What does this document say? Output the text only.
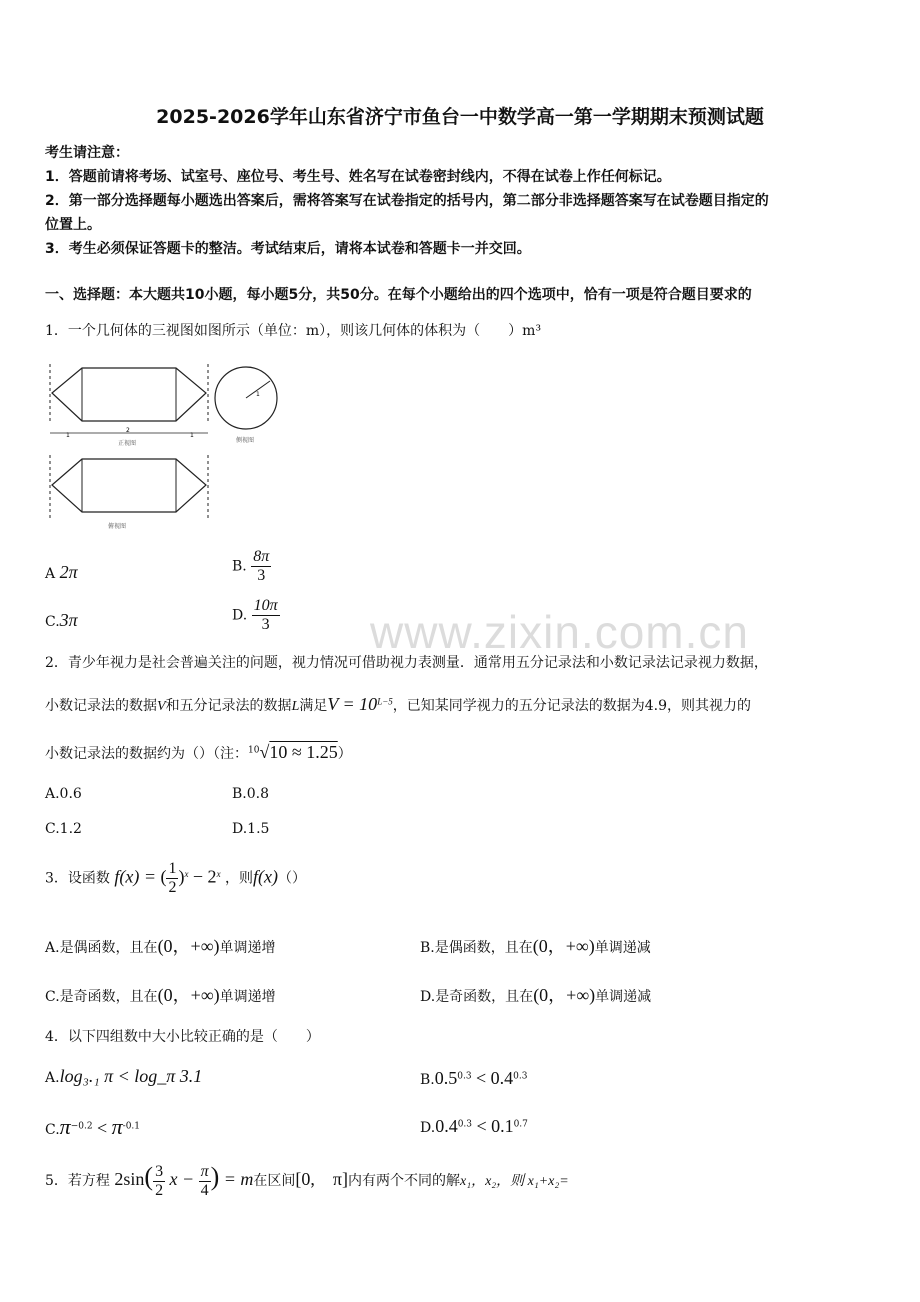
2025-2026学年山东省济宁市鱼台一中数学高一第一学期期末预测试题
考生请注意：
1．答题前请将考场、试室号、座位号、考生号、姓名写在试卷密封线内，不得在试卷上作任何标记。
2．第一部分选择题每小题选出答案后，需将答案写在试卷指定的括号内，第二部分非选择题答案写在试卷题目指定的
位置上。
3．考生必须保证答题卡的整洁。考试结束后，请将本试卷和答题卡一并交回。
一、选择题：本大题共10小题，每小题5分，共50分。在每个小题给出的四个选项中，恰有一项是符合题目要求的
www.zixin.com.cn
1．一个几何体的三视图如图所示（单位：m），则该几何体的体积为（　　）m³
1
2
1
正视图
1
侧视图
俯视图
A 2π	B. $\frac{8\pi}{3}$
C.3π	D. $\frac{10\pi}{3}$
2．青少年视力是社会普遍关注的问题，视力情况可借助视力表测量．通常用五分记录法和小数记录法记录视力数据，
小数记录法的数据V和五分记录法的数据L满足$V = 10^{L-5}$，已知某同学视力的五分记录法的数据为4.9，则其视力的
小数记录法的数据约为（）（注：$^{10}$√10 ≈ 1.25）
A.0.6	B.0.8
C.1.2	D.1.5
3．设函数 f(x) = ( $\frac{1}{2} )^x - 2^x$ ，则f(x)（）
A.是偶函数，且在(0，+∞)单调递增	B.是偶函数，且在(0，+∞)单调递减
C.是奇函数，且在(0，+∞)单调递增	D.是奇函数，且在(0，+∞)单调递减
4．以下四组数中大小比较正确的是（　　）
A.log₃.₁ π < log_π 3.1	$B.0.5^{0.3} < 0.4^{0.3}$
$C.\pi^{-0.2} < \pi^{-0.1}$	$D.0.4^{0.3} < 0.1^{0.7}$
5．若方程 $2\sin( \frac{3}{2}$ $x - \frac{\pi}{4}$ ) = m在区间[0,　π]内有两个不同的解x₁，x₂，则 x₁+x₂=
